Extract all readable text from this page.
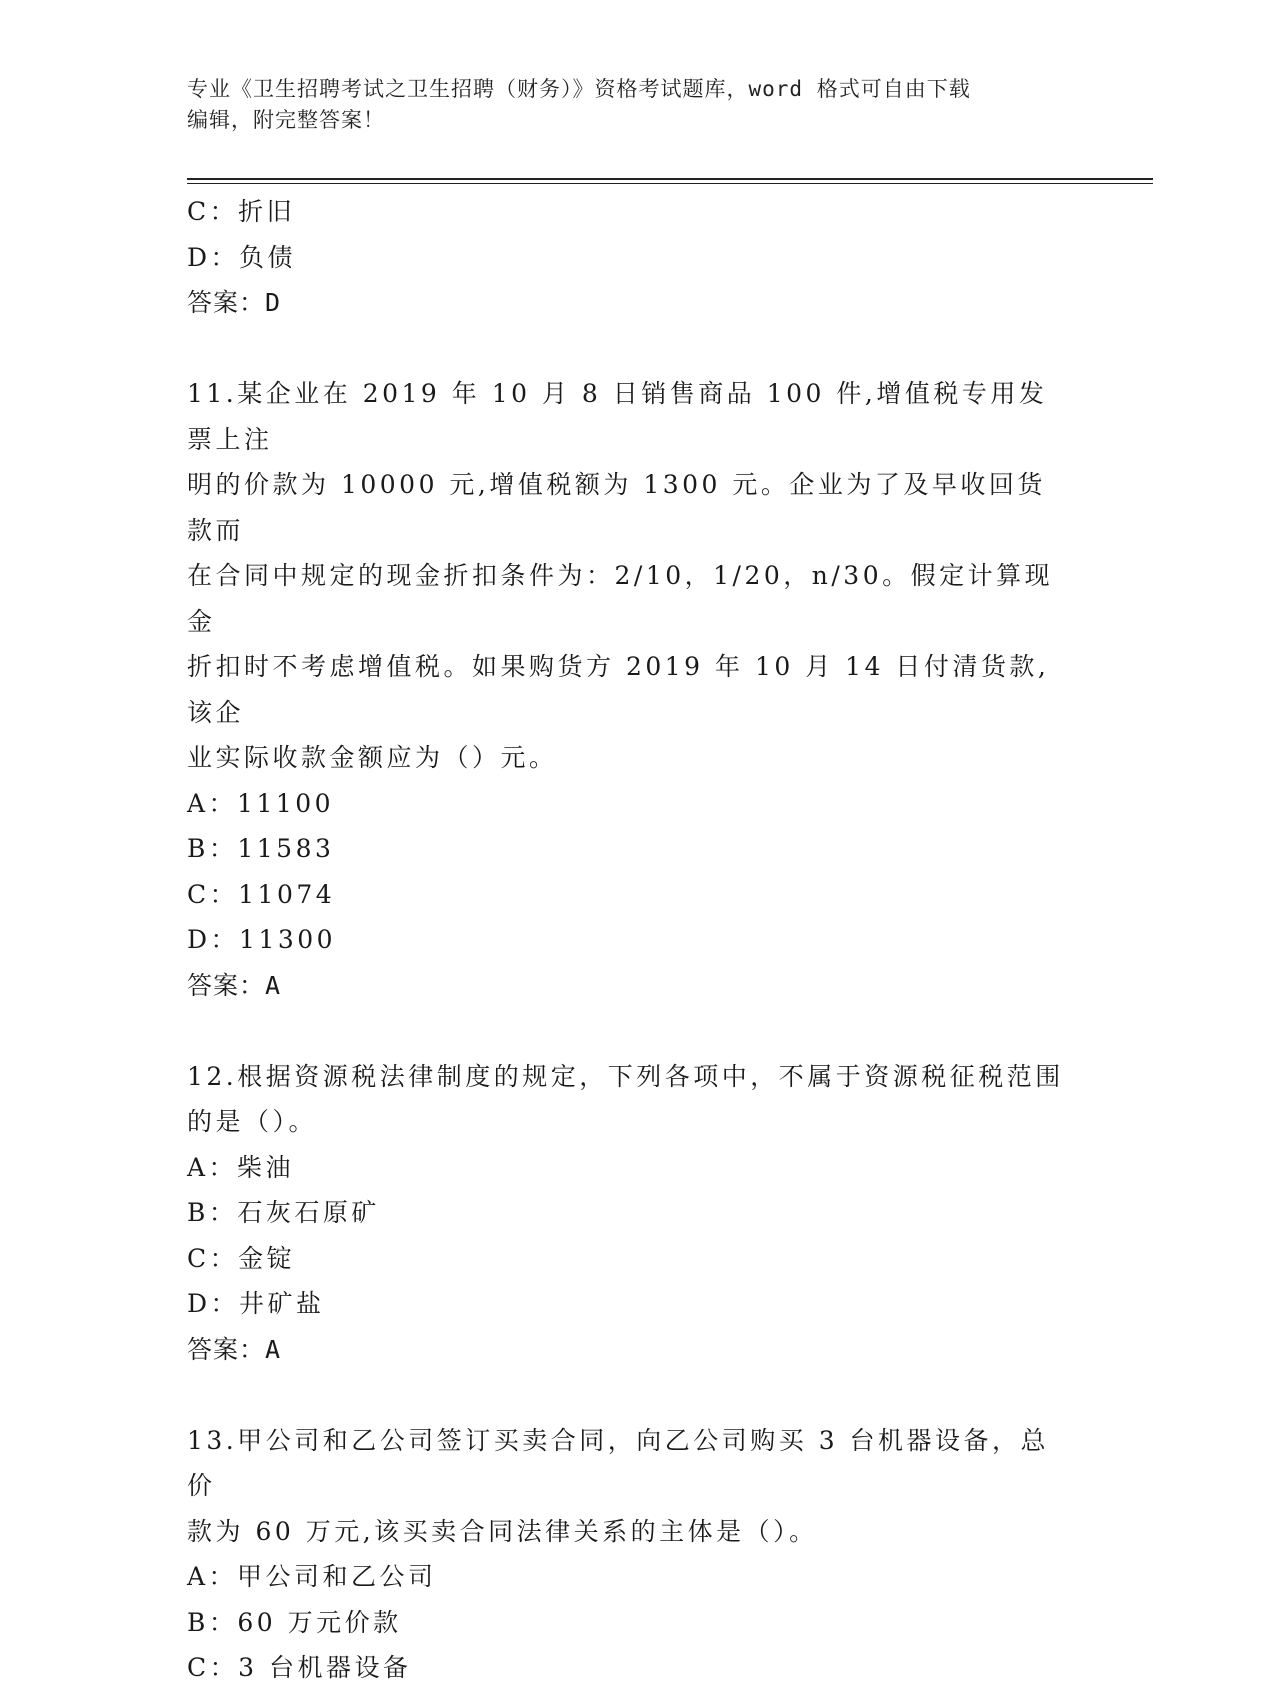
专业《卫生招聘考试之卫生招聘（财务）》资格考试题库，word 格式可自由下载
编辑，附完整答案！
C：折旧
D：负债
答案：D
11.某企业在 2019 年 10 月 8 日销售商品 100 件,增值税专用发票上注
明的价款为 10000 元,增值税额为 1300 元。企业为了及早收回货款而
在合同中规定的现金折扣条件为：2/10，1/20，n/30。假定计算现金
折扣时不考虑增值税。如果购货方 2019 年 10 月 14 日付清货款,该企
业实际收款金额应为（）元。
A：11100
B：11583
C：11074
D：11300
答案：A
12.根据资源税法律制度的规定，下列各项中，不属于资源税征税范围
的是（）。
A：柴油
B：石灰石原矿
C：金锭
D：井矿盐
答案：A
13.甲公司和乙公司签订买卖合同，向乙公司购买 3 台机器设备，总价
款为 60 万元,该买卖合同法律关系的主体是（）。
A：甲公司和乙公司
B：60 万元价款
C：3 台机器设备
